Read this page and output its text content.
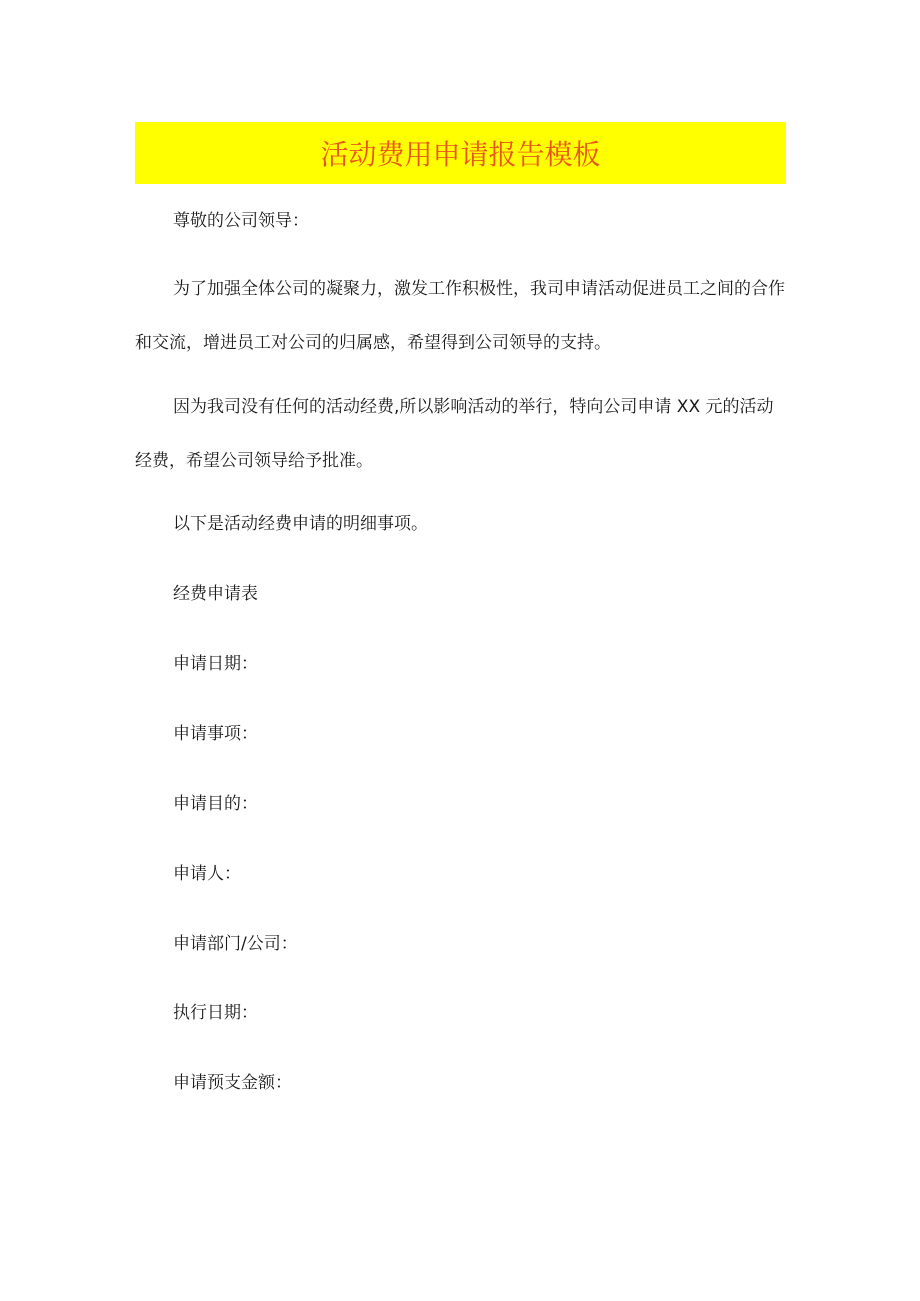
活动费用申请报告模板

尊敬的公司领导：

为了加强全体公司的凝聚力，激发工作积极性，我司申请活动促进员工之间的合作和交流，增进员工对公司的归属感，希望得到公司领导的支持。

因为我司没有任何的活动经费,所以影响活动的举行，特向公司申请 XX 元的活动经费，希望公司领导给予批准。

以下是活动经费申请的明细事项。

经费申请表

申请日期：

申请事项：

申请目的：

申请人：

申请部门/公司：

执行日期：

申请预支金额：
